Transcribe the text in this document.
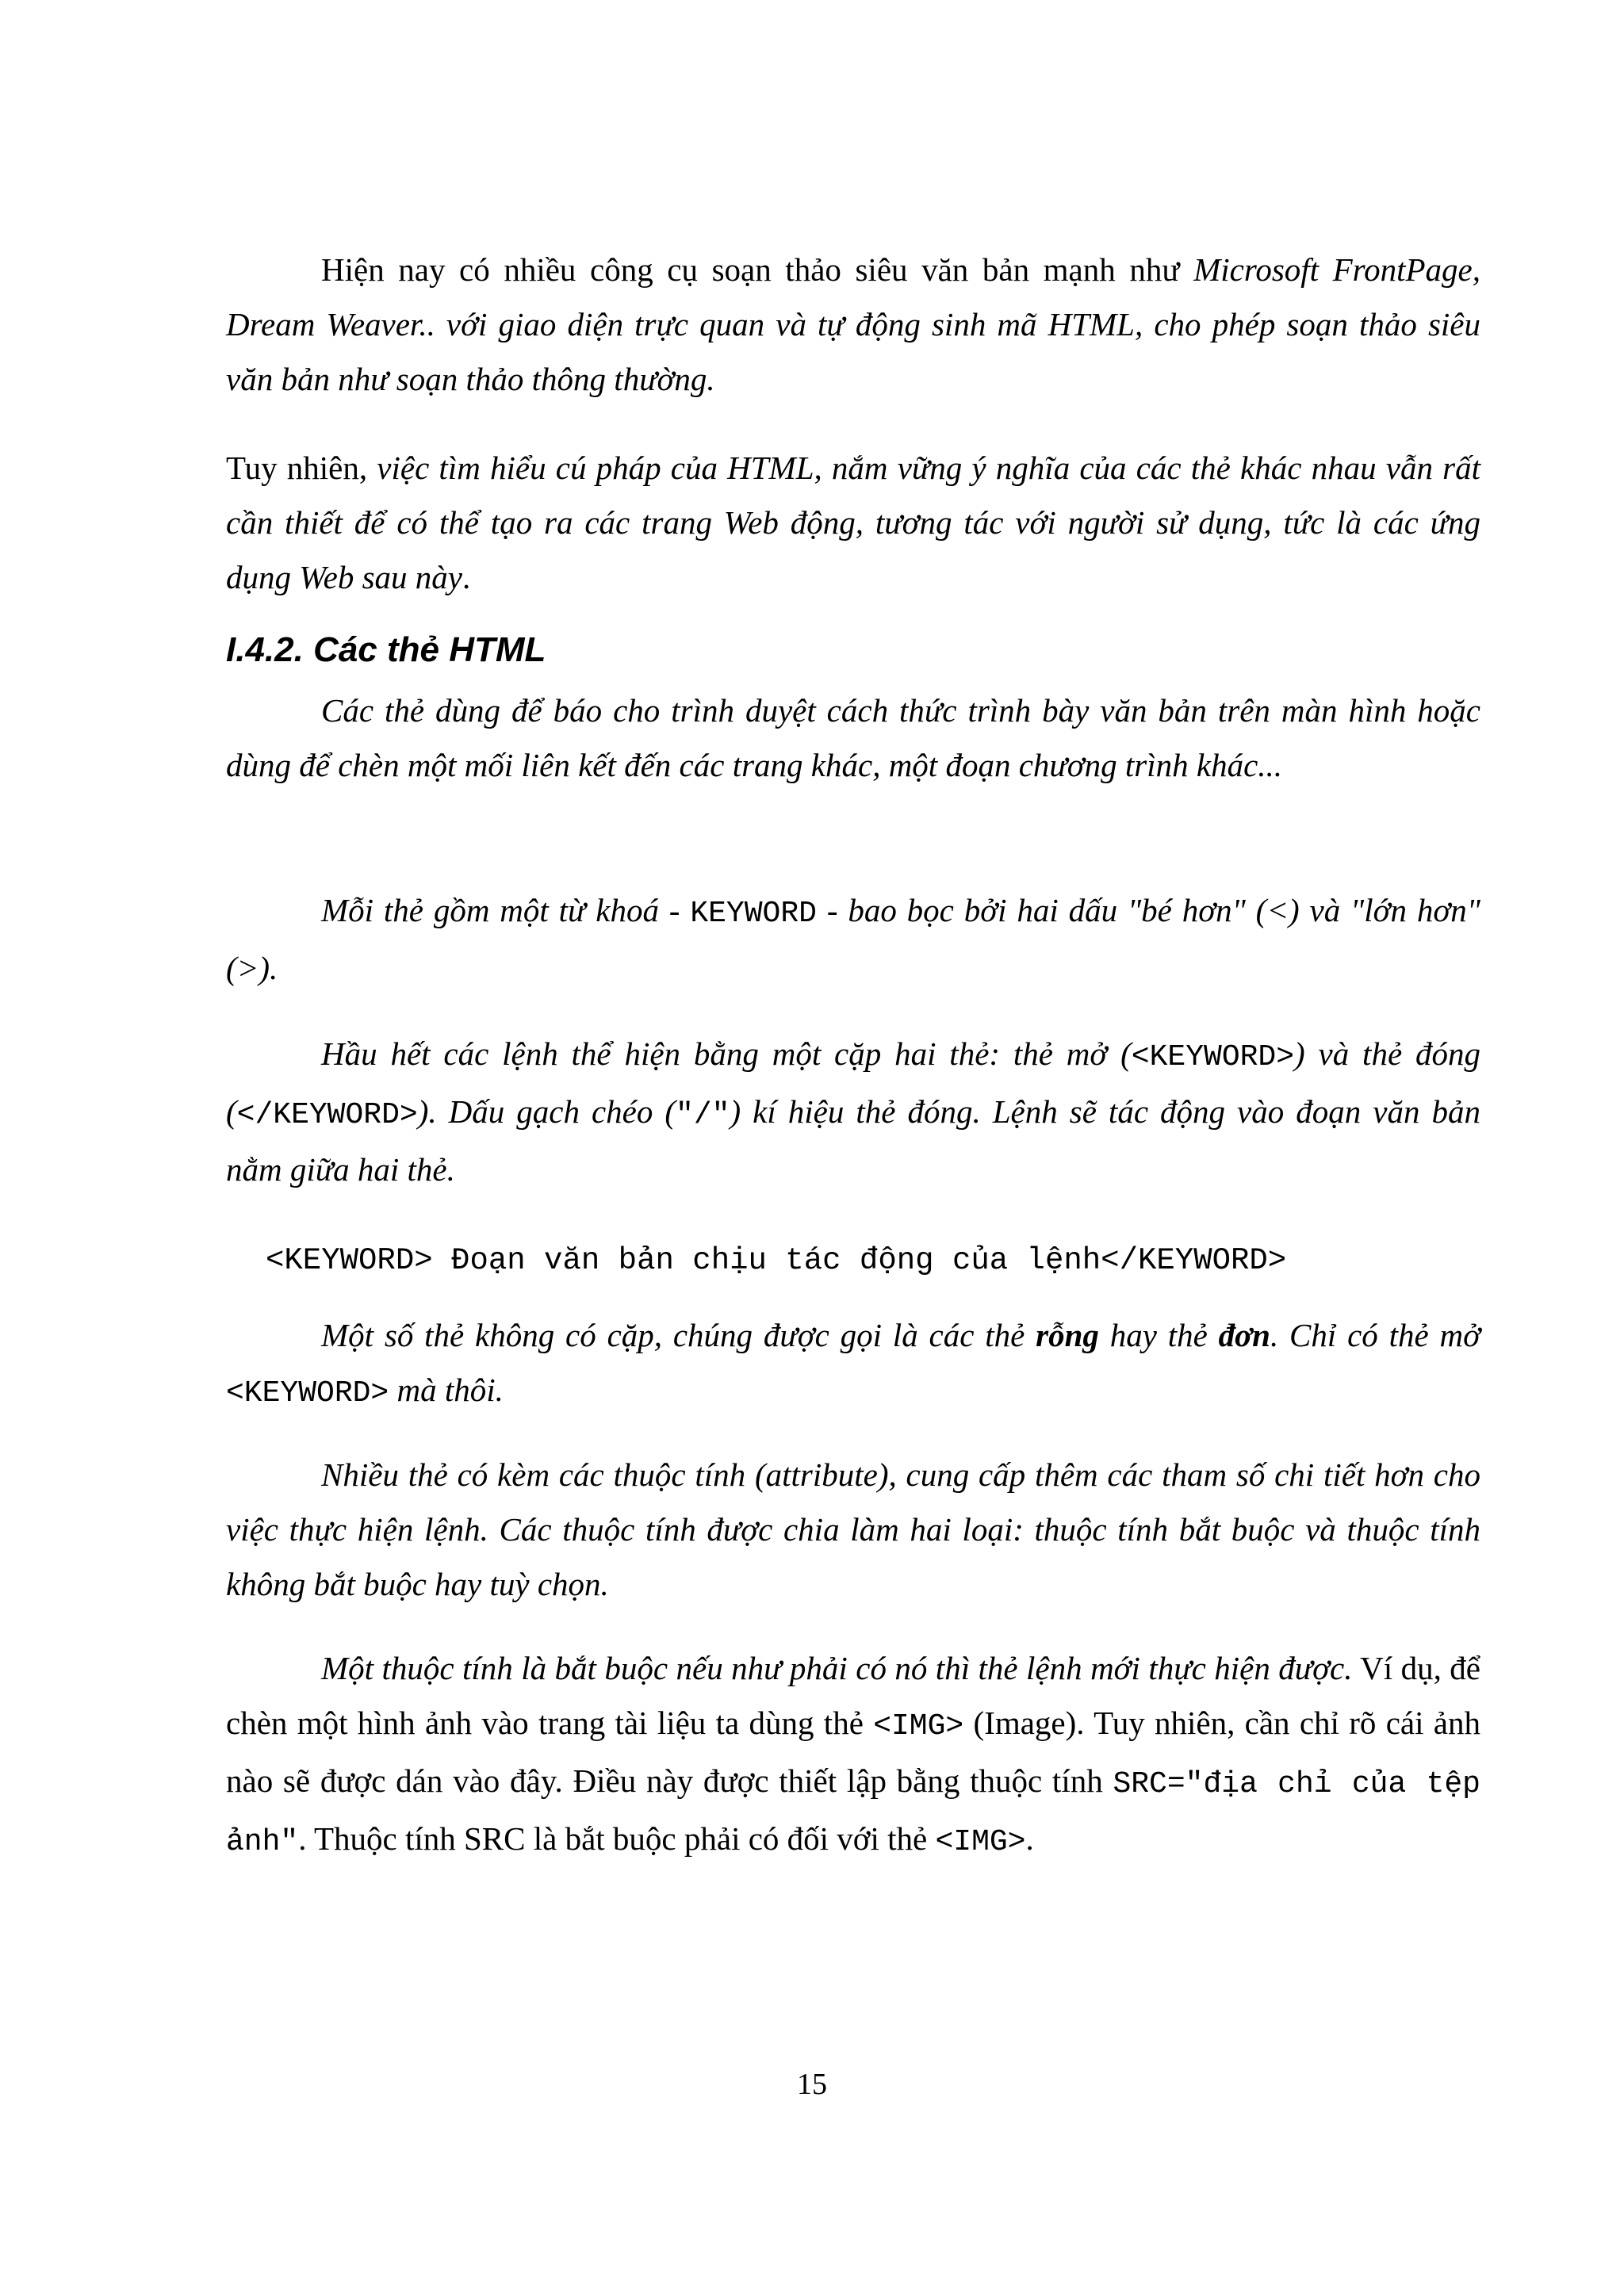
Hiện nay có nhiều công cụ soạn thảo siêu văn bản mạnh như Microsoft FrontPage, Dream Weaver.. với giao diện trực quan và tự động sinh mã HTML, cho phép soạn thảo siêu văn bản như soạn thảo thông thường.

Tuy nhiên, việc tìm hiểu cú pháp của HTML, nắm vững ý nghĩa của các thẻ khác nhau vẫn rất cần thiết để có thể tạo ra các trang Web động, tương tác với người sử dụng, tức là các ứng dụng Web sau này.

I.4.2. Các thẻ HTML

Các thẻ dùng để báo cho trình duyệt cách thức trình bày văn bản trên màn hình hoặc dùng để chèn một mối liên kết đến các trang khác, một đoạn chương trình khác...

Mỗi thẻ gồm một từ khoá - KEYWORD - bao bọc bởi hai dấu "bé hơn" (<) và "lớn hơn" (>).

Hầu hết các lệnh thể hiện bằng một cặp hai thẻ: thẻ mở (<KEYWORD>) và thẻ đóng (</KEYWORD>). Dấu gạch chéo ("/") kí hiệu thẻ đóng. Lệnh sẽ tác động vào đoạn văn bản nằm giữa hai thẻ.

<KEYWORD> Đoạn văn bản chịu tác động của lệnh</KEYWORD>

Một số thẻ không có cặp, chúng được gọi là các thẻ rỗng hay thẻ đơn. Chỉ có thẻ mở <KEYWORD> mà thôi.

Nhiều thẻ có kèm các thuộc tính (attribute), cung cấp thêm các tham số chi tiết hơn cho việc thực hiện lệnh. Các thuộc tính được chia làm hai loại: thuộc tính bắt buộc và thuộc tính không bắt buộc hay tuỳ chọn.

Một thuộc tính là bắt buộc nếu như phải có nó thì thẻ lệnh mới thực hiện được. Ví dụ, để chèn một hình ảnh vào trang tài liệu ta dùng thẻ <IMG> (Image). Tuy nhiên, cần chỉ rõ cái ảnh nào sẽ được dán vào đây. Điều này được thiết lập bằng thuộc tính SRC="địa chỉ của tệp ảnh". Thuộc tính SRC là bắt buộc phải có đối với thẻ <IMG>.

15
